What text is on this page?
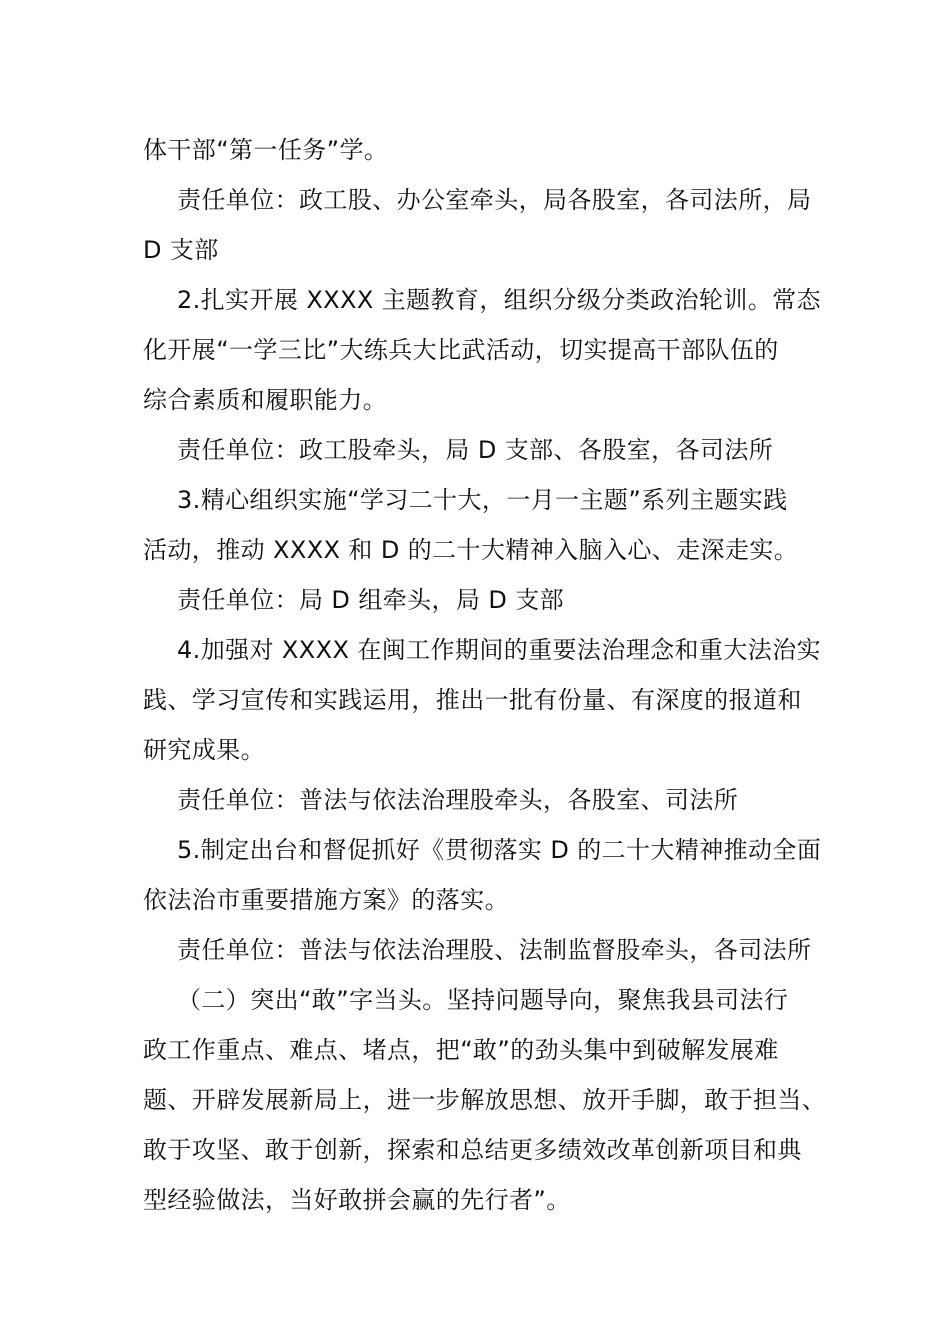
体干部“第一任务”学。
责任单位：政工股、办公室牵头，局各股室，各司法所，局
D 支部
2.扎实开展 XXXX 主题教育，组织分级分类政治轮训。常态
化开展“一学三比”大练兵大比武活动，切实提高干部队伍的
综合素质和履职能力。
责任单位：政工股牵头，局 D 支部、各股室，各司法所
3.精心组织实施“学习二十大，一月一主题”系列主题实践
活动，推动 XXXX 和 D 的二十大精神入脑入心、走深走实。
责任单位：局 D 组牵头，局 D 支部
4.加强对 XXXX 在闽工作期间的重要法治理念和重大法治实
践、学习宣传和实践运用，推出一批有份量、有深度的报道和
研究成果。
责任单位：普法与依法治理股牵头，各股室、司法所
5.制定出台和督促抓好《贯彻落实 D 的二十大精神推动全面
依法治市重要措施方案》的落实。
责任单位：普法与依法治理股、法制监督股牵头，各司法所
（二）突出“敢”字当头。坚持问题导向，聚焦我县司法行
政工作重点、难点、堵点，把“敢”的劲头集中到破解发展难
题、开辟发展新局上，进一步解放思想、放开手脚，敢于担当、
敢于攻坚、敢于创新，探索和总结更多绩效改革创新项目和典
型经验做法，当好敢拼会赢的先行者”。
